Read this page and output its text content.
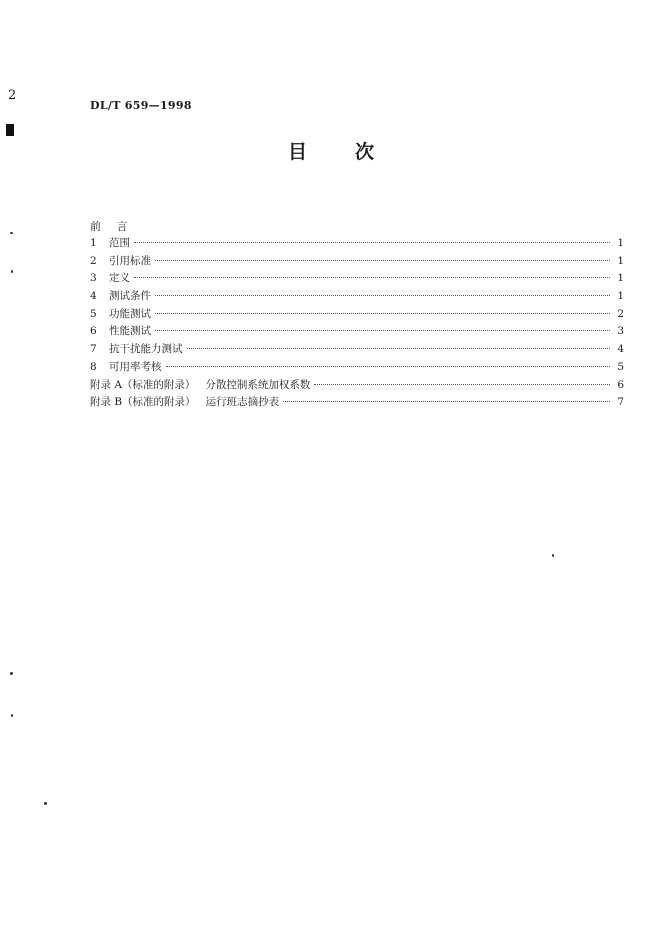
2
DL/T 659—1998
目	次
前 言
1	范围	1
2	引用标准	1
3	定义	1
4	测试条件	1
5	功能测试	2
6	性能测试	3
7	抗干扰能力测试	4
8	可用率考核	5
附录 A（标准的附录）   分散控制系统加权系数	6
附录 B（标准的附录）   运行班志摘抄表	7
